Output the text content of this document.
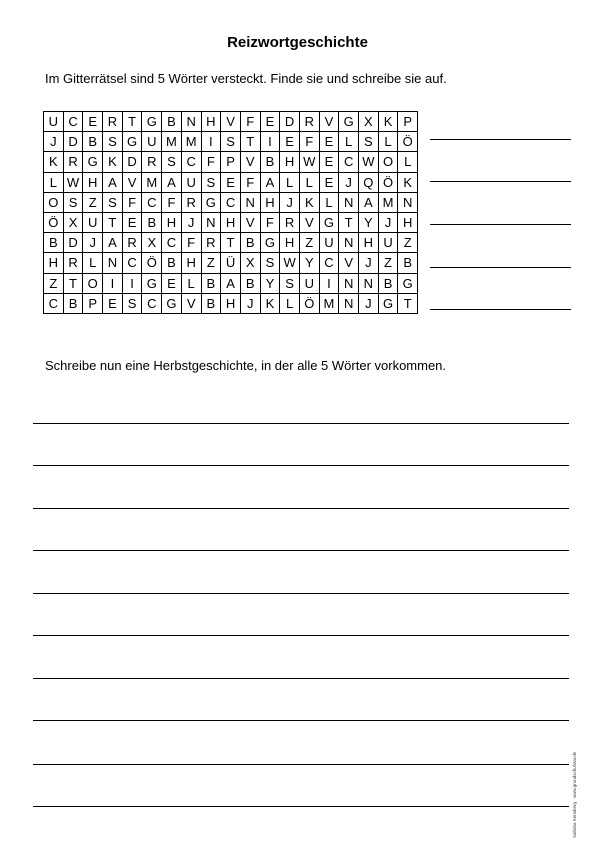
Reizwortgeschichte
Im Gitterrätsel sind 5 Wörter versteckt. Finde sie und schreibe sie auf.
U	C	E	R	T	G	B	N	H	V	F	E	D	R	V	G	X	K	P
J	D	B	S	G	U	M	M	I	S	T	I	E	F	E	L	S	L	Ö
K	R	G	K	D	R	S	C	F	P	V	B	H	W	E	C	W	O	L
L	W	H	A	V	M	A	U	S	E	F	A	L	L	E	J	Q	Ö	K
O	S	Z	S	F	C	F	R	G	C	N	H	J	K	L	N	A	M	N
Ö	X	U	T	E	B	H	J	N	H	V	F	R	V	G	T	Y	J	H
B	D	J	A	R	X	C	F	R	T	B	G	H	Z	U	N	H	U	Z
H	R	L	N	C	Ö	B	H	Z	Ü	X	S	W	Y	C	V	J	Z	B
Z	T	O	I	I	G	E	L	B	A	B	Y	S	U	I	N	N	B	G
C	B	P	E	S	C	G	V	B	H	J	K	L	Ö	M	N	J	G	T
Schreibe nun eine Herbstgeschichte, in der alle 5 Wörter vorkommen.
Sabrina Kensberg · www.grundschulstar.de
